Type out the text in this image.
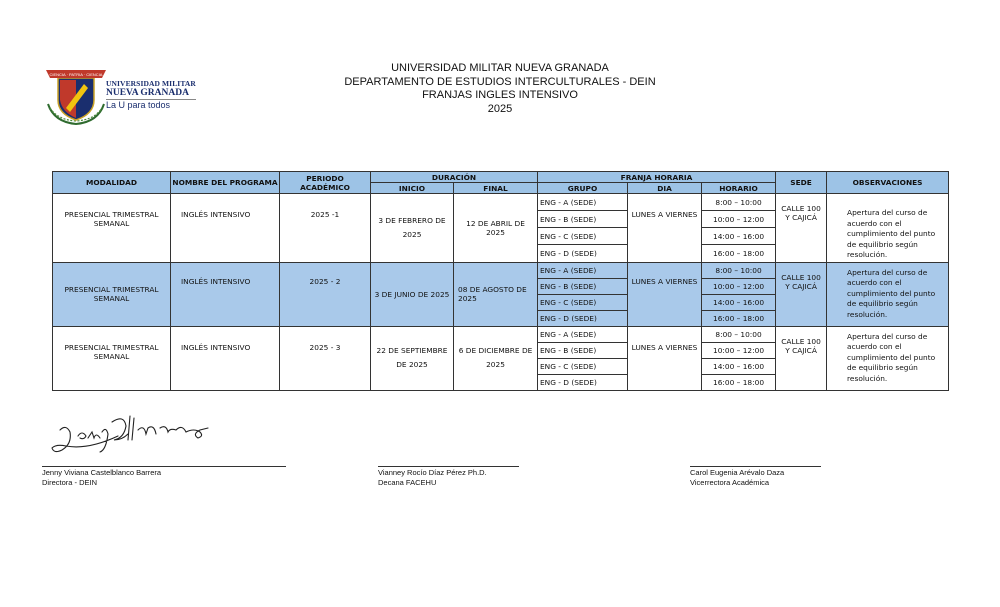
CIENCIA · PATRIA · CIENCIA
UNIVERSIDAD MILITAR
NUEVA GRANADA
La U para todos
UNIVERSIDAD MILITAR NUEVA GRANADA
DEPARTAMENTO DE ESTUDIOS INTERCULTURALES - DEIN
FRANJAS INGLES INTENSIVO
2025
MODALIDAD	NOMBRE DEL PROGRAMA	PERIODO ACADÉMICO	DURACIÓN		FRANJA HORARIA			SEDE	OBSERVACIONES
			INICIO	FINAL	GRUPO	DIA	HORARIO		
PRESENCIAL TRIMESTRAL SEMANAL	INGLÉS INTENSIVO	2025 -1	3 DE FEBRERO DE 2025	12 DE ABRIL DE 2025	ENG - A (SEDE)	LUNES A VIERNES	8:00 – 10:00	CALLE 100 Y CAJICÁ	Apertura del curso de acuerdo con el cumplimiento del punto de equilibrio según resolución.
					ENG - B (SEDE)		10:00 – 12:00		
					ENG - C (SEDE)		14:00 – 16:00		
					ENG - D (SEDE)		16:00 – 18:00		
PRESENCIAL TRIMESTRAL SEMANAL	INGLÉS INTENSIVO	2025 - 2	3 DE JUNIO DE 2025	08 DE AGOSTO DE 2025	ENG - A (SEDE)	LUNES A VIERNES	8:00 – 10:00	CALLE 100 Y CAJICÁ	Apertura del curso de acuerdo con el cumplimiento del punto de equilibrio según resolución.
					ENG - B (SEDE)		10:00 – 12:00		
					ENG - C (SEDE)		14:00 – 16:00		
					ENG - D (SEDE)		16:00 – 18:00		
PRESENCIAL TRIMESTRAL SEMANAL	INGLÉS INTENSIVO	2025 - 3	22 DE SEPTIEMBRE DE 2025	6 DE DICIEMBRE DE 2025	ENG - A (SEDE)	LUNES A VIERNES	8:00 – 10:00	CALLE 100 Y CAJICÁ	Apertura del curso de acuerdo con el cumplimiento del punto de equilibrio según resolución.
					ENG - B (SEDE)		10:00 – 12:00		
					ENG - C (SEDE)		14:00 – 16:00		
					ENG - D (SEDE)		16:00 – 18:00		
Jenny Viviana Castelblanco Barrera
Directora - DEIN
Vianney Rocío Díaz Pérez Ph.D.
Decana FACEHU
Carol Eugenia Arévalo Daza
Vicerrectora Académica
